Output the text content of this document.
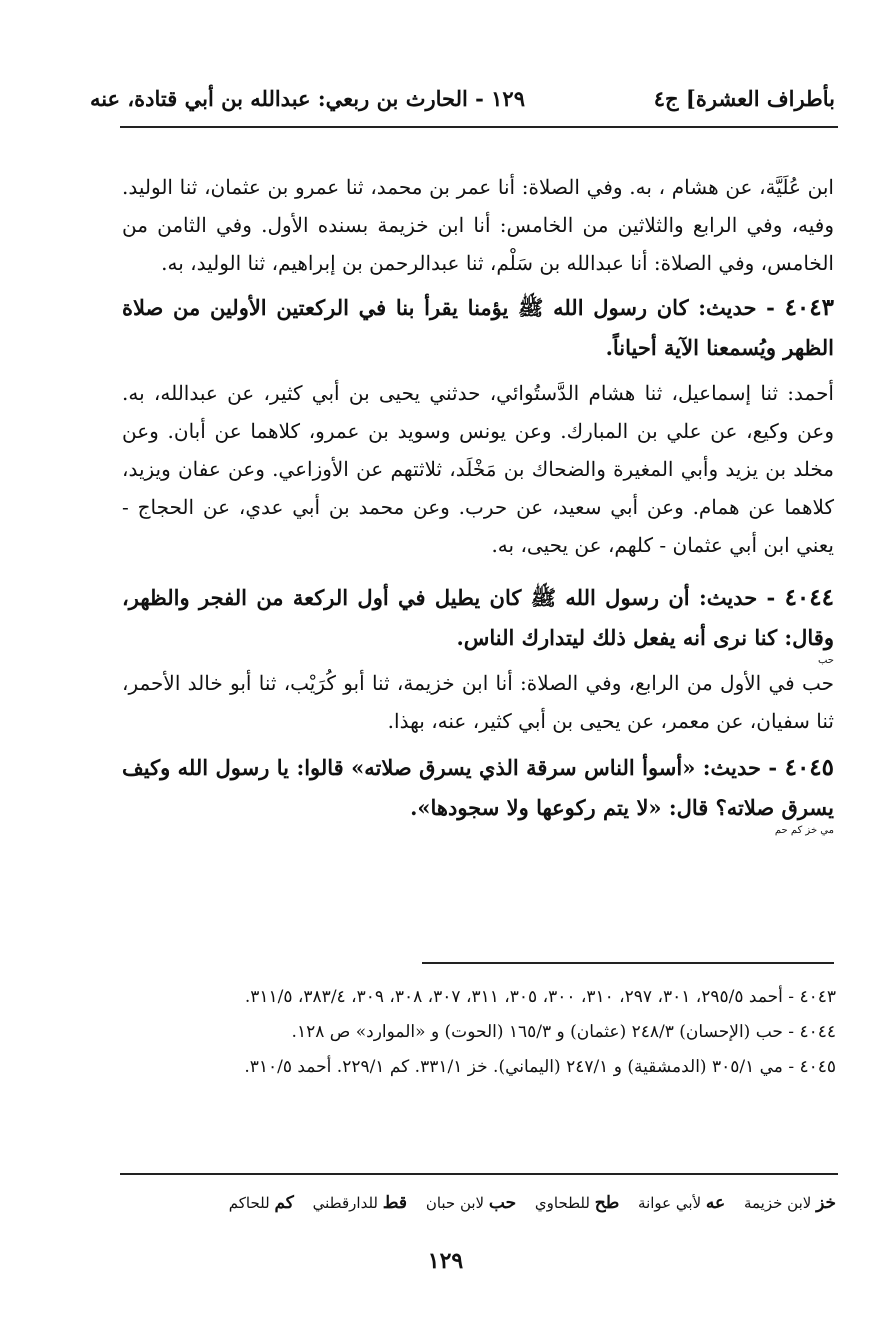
بأطراف العشرة] ج٤
١٢٩ - الحارث بن ربعي: عبدالله بن أبي قتادة، عنه

ابن عُلَيَّة، عن هشام ، به. وفي الصلاة: أنا عمر بن محمد، ثنا عمرو بن عثمان، ثنا الوليد. وفيه، وفي الرابع والثلاثين من الخامس: أنا ابن خزيمة بسنده الأول. وفي الثامن من الخامس، وفي الصلاة: أنا عبدالله بن سَلْم، ثنا عبدالرحمن بن إبراهيم، ثنا الوليد، به.

٤٠٤٣ - حديث: كان رسول الله ﷺ يؤمنا يقرأ بنا في الركعتين الأولين من صلاة الظهر ويُسمعنا الآية أحياناً.

أحمد: ثنا إسماعيل، ثنا هشام الدَّستُوائي، حدثني يحيى بن أبي كثير، عن عبدالله، به. وعن وكيع، عن علي بن المبارك. وعن يونس وسويد بن عمرو، كلاهما عن أبان. وعن مخلد بن يزيد وأبي المغيرة والضحاك بن مَخْلَد، ثلاثتهم عن الأوزاعي. وعن عفان ويزيد، كلاهما عن همام. وعن أبي سعيد، عن حرب. وعن محمد بن أبي عدي، عن الحجاج - يعني ابن أبي عثمان - كلهم، عن يحيى، به.

٤٠٤٤ - حديث: أن رسول الله ﷺ كان يطيل في أول الركعة من الفجر والظهر، وقال: كنا نرى أنه يفعل ذلك ليتدارك الناس.
حب

حب في الأول من الرابع، وفي الصلاة: أنا ابن خزيمة، ثنا أبو كُرَيْب، ثنا أبو خالد الأحمر، ثنا سفيان، عن معمر، عن يحيى بن أبي كثير، عنه، بهذا.

٤٠٤٥ - حديث: «أسوأ الناس سرقة الذي يسرق صلاته» قالوا: يا رسول الله وكيف يسرق صلاته؟ قال: «لا يتم ركوعها ولا سجودها».
مي خز كم حم

٤٠٤٣ - أحمد ٢٩٥/٥، ٣٠١، ٢٩٧، ٣١٠، ٣٠٠، ٣٠٥، ٣١١، ٣٠٧، ٣٠٨، ٣٠٩، ٣٨٣/٤، ٣١١/٥.

٤٠٤٤ - حب (الإحسان) ٢٤٨/٣ (عثمان) و ١٦٥/٣ (الحوت) و «الموارد» ص ١٢٨.

٤٠٤٥ - مي ٣٠٥/١ (الدمشقية) و ٢٤٧/١ (اليماني). خز ٣٣١/١. كم ٢٢٩/١. أحمد ٣١٠/٥.

خز لابن خزيمة عه لأبي عوانة طح للطحاوي حب لابن حبان قط للدارقطني كم للحاكم
١٢٩
